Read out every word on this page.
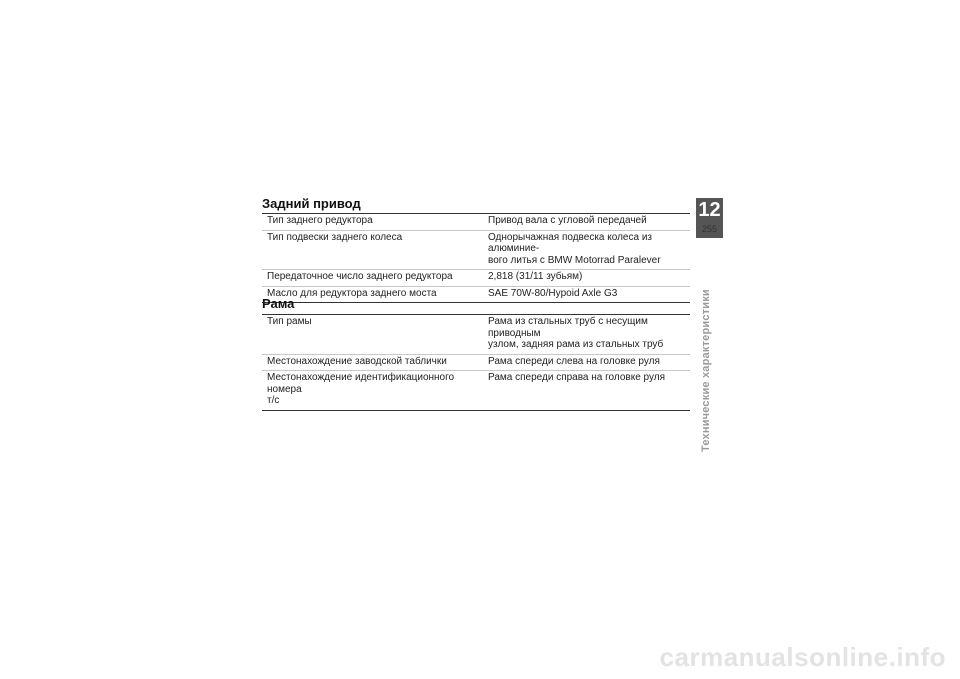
Задний привод
Тип заднего редуктора	Привод вала с угловой передачей
Тип подвески заднего колеса	Однорычажная подвеска колеса из алюминие-
вого литья с BMW Motorrad Paralever
Передаточное число заднего редуктора	2,818 (31/11 зубьям)
Масло для редуктора заднего моста	SAE 70W-80/Hypoid Axle G3
Рама
Тип рамы	Рама из стальных труб с несущим приводным
узлом, задняя рама из стальных труб
Местонахождение заводской таблички	Рама спереди слева на головке руля
Местонахождение идентификационного номера
т/с	Рама спереди справа на головке руля
12
255
Технические характеристики
carmanualsonline.info
